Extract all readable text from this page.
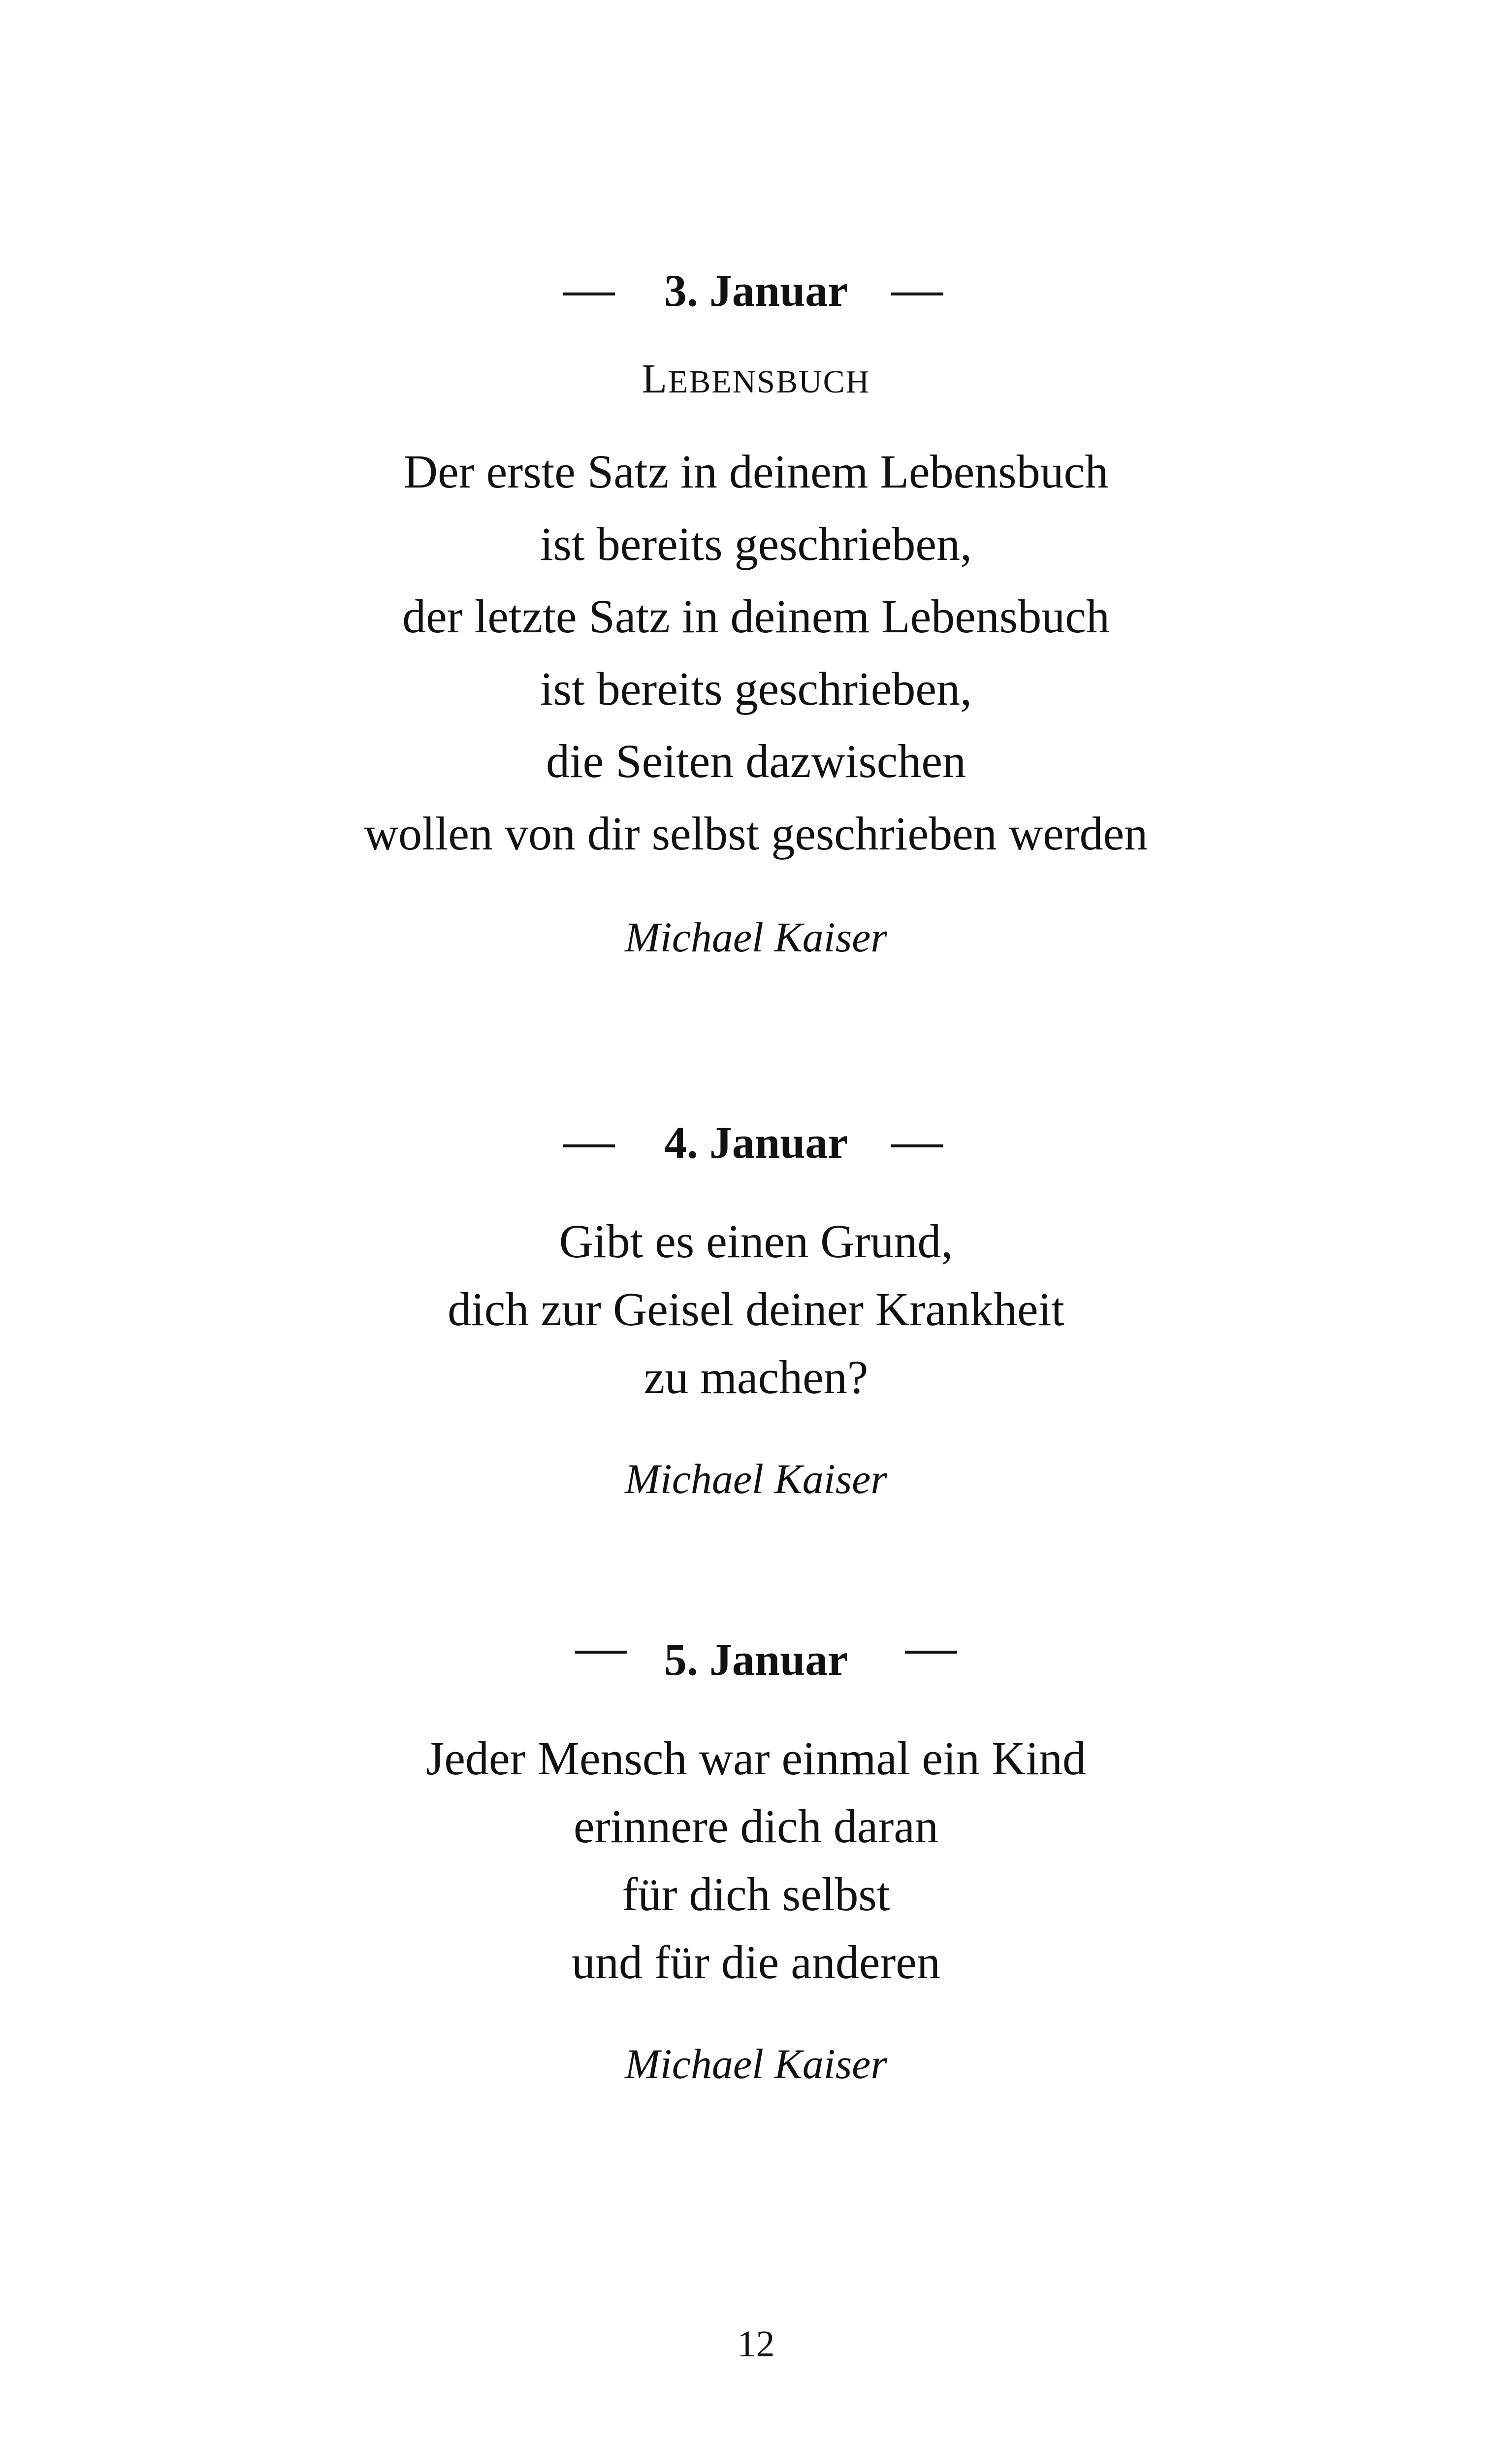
3. Januar
LEBENSBUCH
Der erste Satz in deinem Lebensbuch
ist bereits geschrieben,
der letzte Satz in deinem Lebensbuch
ist bereits geschrieben,
die Seiten dazwischen
wollen von dir selbst geschrieben werden
Michael Kaiser
4. Januar
Gibt es einen Grund,
dich zur Geisel deiner Krankheit
zu machen?
Michael Kaiser
5. Januar
Jeder Mensch war einmal ein Kind
erinnere dich daran
für dich selbst
und für die anderen
Michael Kaiser
12
